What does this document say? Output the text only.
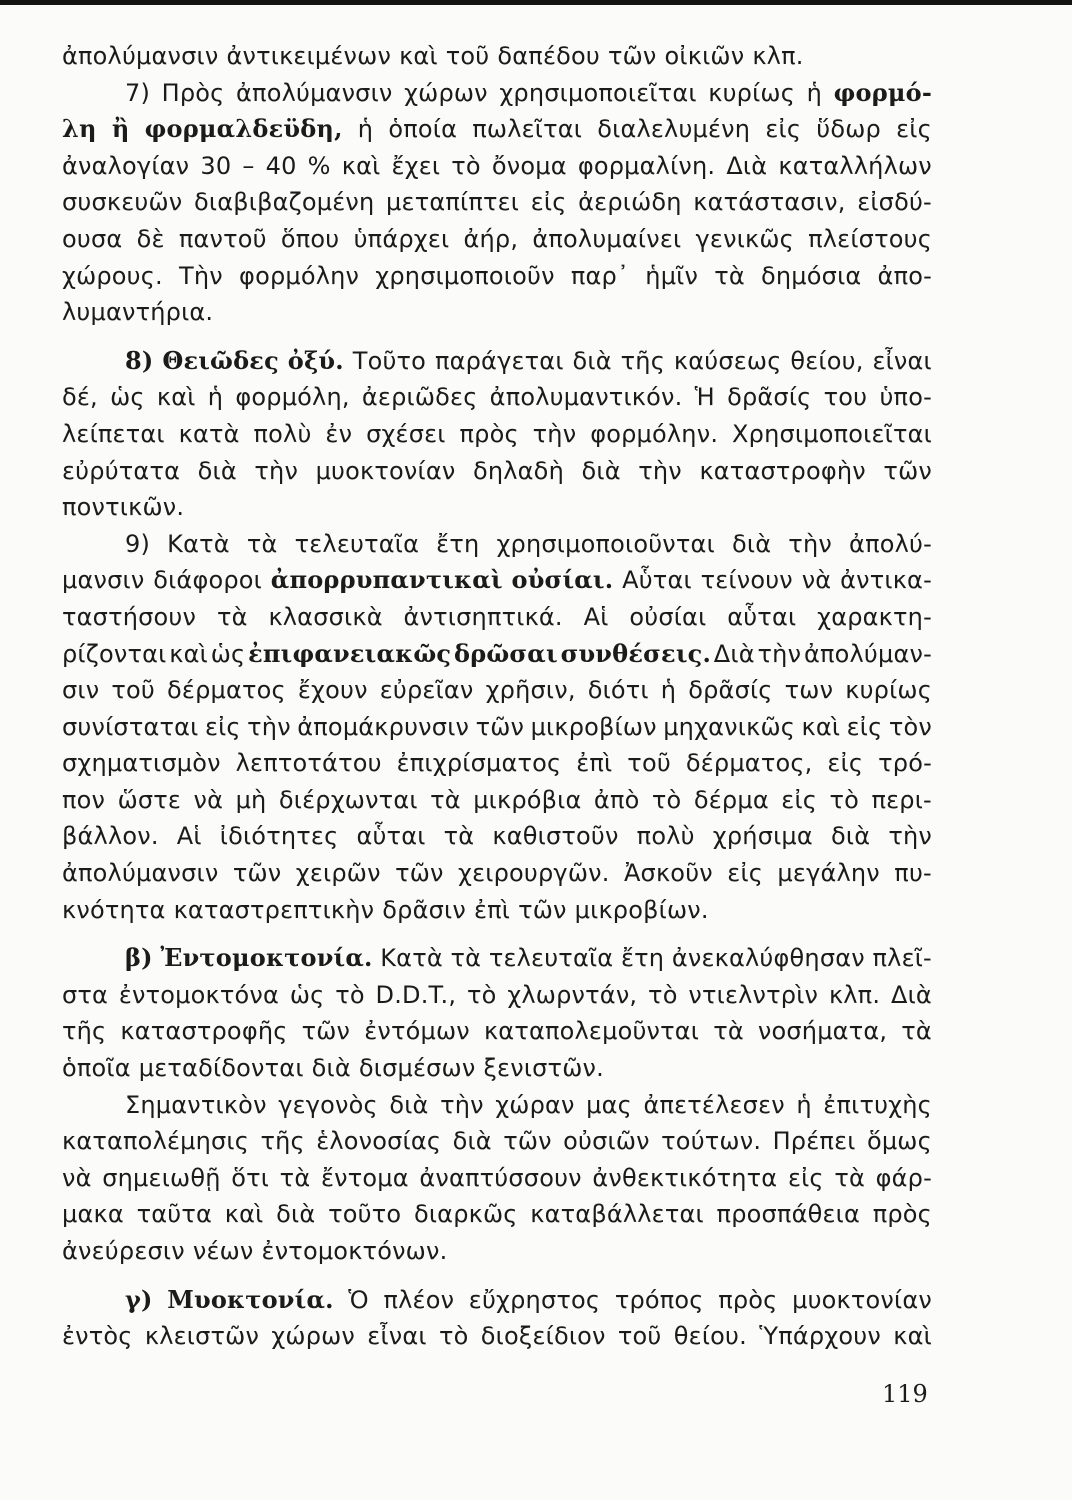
ἀπολύμανσιν ἀντικειμένων καὶ τοῦ δαπέδου τῶν οἰκιῶν κλπ.
7) Πρὸς ἀπολύμανσιν χώρων χρησιμοποιεῖται κυρίως ἡ φορμό-
λη ἢ φορμαλδεϋδη, ἡ ὁποία πωλεῖται διαλελυμένη εἰς ὕδωρ εἰς
ἀναλογίαν 30 – 40 % καὶ ἔχει τὸ ὄνομα φορμαλίνη. Διὰ καταλλήλων
συσκευῶν διαβιβαζομένη μεταπίπτει εἰς ἀεριώδη κατάστασιν, εἰσδύ-
ουσα δὲ παντοῦ ὅπου ὑπάρχει ἀήρ, ἀπολυμαίνει γενικῶς πλείστους
χώρους. Τὴν φορμόλην χρησιμοποιοῦν παρ᾽ ἡμῖν τὰ δημόσια ἀπο-
λυμαντήρια.
8) Θειῶδες ὀξύ. Τοῦτο παράγεται διὰ τῆς καύσεως θείου, εἶναι
δέ, ὡς καὶ ἡ φορμόλη, ἀεριῶδες ἀπολυμαντικόν. Ἡ δρᾶσίς του ὑπο-
λείπεται κατὰ πολὺ ἐν σχέσει πρὸς τὴν φορμόλην. Χρησιμοποιεῖται
εὐρύτατα διὰ τὴν μυοκτονίαν δηλαδὴ διὰ τὴν καταστροφὴν τῶν
ποντικῶν.
9) Κατὰ τὰ τελευταῖα ἔτη χρησιμοποιοῦνται διὰ τὴν ἀπολύ-
μανσιν διάφοροι ἀπορρυπαντικαὶ οὐσίαι. Αὗται τείνουν νὰ ἀντικα-
ταστήσουν τὰ κλασσικὰ ἀντισηπτικά. Αἱ οὐσίαι αὗται χαρακτη-
ρίζονται καὶ ὡς ἐπιφανειακῶς δρῶσαι συνθέσεις. Διὰ τὴν ἀπολύμαν-
σιν τοῦ δέρματος ἔχουν εὐρεῖαν χρῆσιν, διότι ἡ δρᾶσίς των κυρίως
συνίσταται εἰς τὴν ἀπομάκρυνσιν τῶν μικροβίων μηχανικῶς καὶ εἰς τὸν
σχηματισμὸν λεπτοτάτου ἐπιχρίσματος ἐπὶ τοῦ δέρματος, εἰς τρό-
πον ὥστε νὰ μὴ διέρχωνται τὰ μικρόβια ἀπὸ τὸ δέρμα εἰς τὸ περι-
βάλλον. Αἱ ἰδιότητες αὗται τὰ καθιστοῦν πολὺ χρήσιμα διὰ τὴν
ἀπολύμανσιν τῶν χειρῶν τῶν χειρουργῶν. Ἀσκοῦν εἰς μεγάλην πυ-
κνότητα καταστρεπτικὴν δρᾶσιν ἐπὶ τῶν μικροβίων.
β) Ἐντομοκτονία. Κατὰ τὰ τελευταῖα ἔτη ἀνεκαλύφθησαν πλεῖ-
στα ἐντομοκτόνα ὡς τὸ D.D.T., τὸ χλωρντάν, τὸ ντιελντρὶν κλπ. Διὰ
τῆς καταστροφῆς τῶν ἐντόμων καταπολεμοῦνται τὰ νοσήματα, τὰ
ὁποῖα μεταδίδονται διὰ δισμέσων ξενιστῶν.
Σημαντικὸν γεγονὸς διὰ τὴν χώραν μας ἀπετέλεσεν ἡ ἐπιτυχὴς
καταπολέμησις τῆς ἑλονοσίας διὰ τῶν οὐσιῶν τούτων. Πρέπει ὅμως
νὰ σημειωθῇ ὅτι τὰ ἔντομα ἀναπτύσσουν ἀνθεκτικότητα εἰς τὰ φάρ-
μακα ταῦτα καὶ διὰ τοῦτο διαρκῶς καταβάλλεται προσπάθεια πρὸς
ἀνεύρεσιν νέων ἐντομοκτόνων.
γ) Μυοκτονία. Ὁ πλέον εὔχρηστος τρόπος πρὸς μυοκτονίαν
ἐντὸς κλειστῶν χώρων εἶναι τὸ διοξείδιον τοῦ θείου. Ὑπάρχουν καὶ
119
